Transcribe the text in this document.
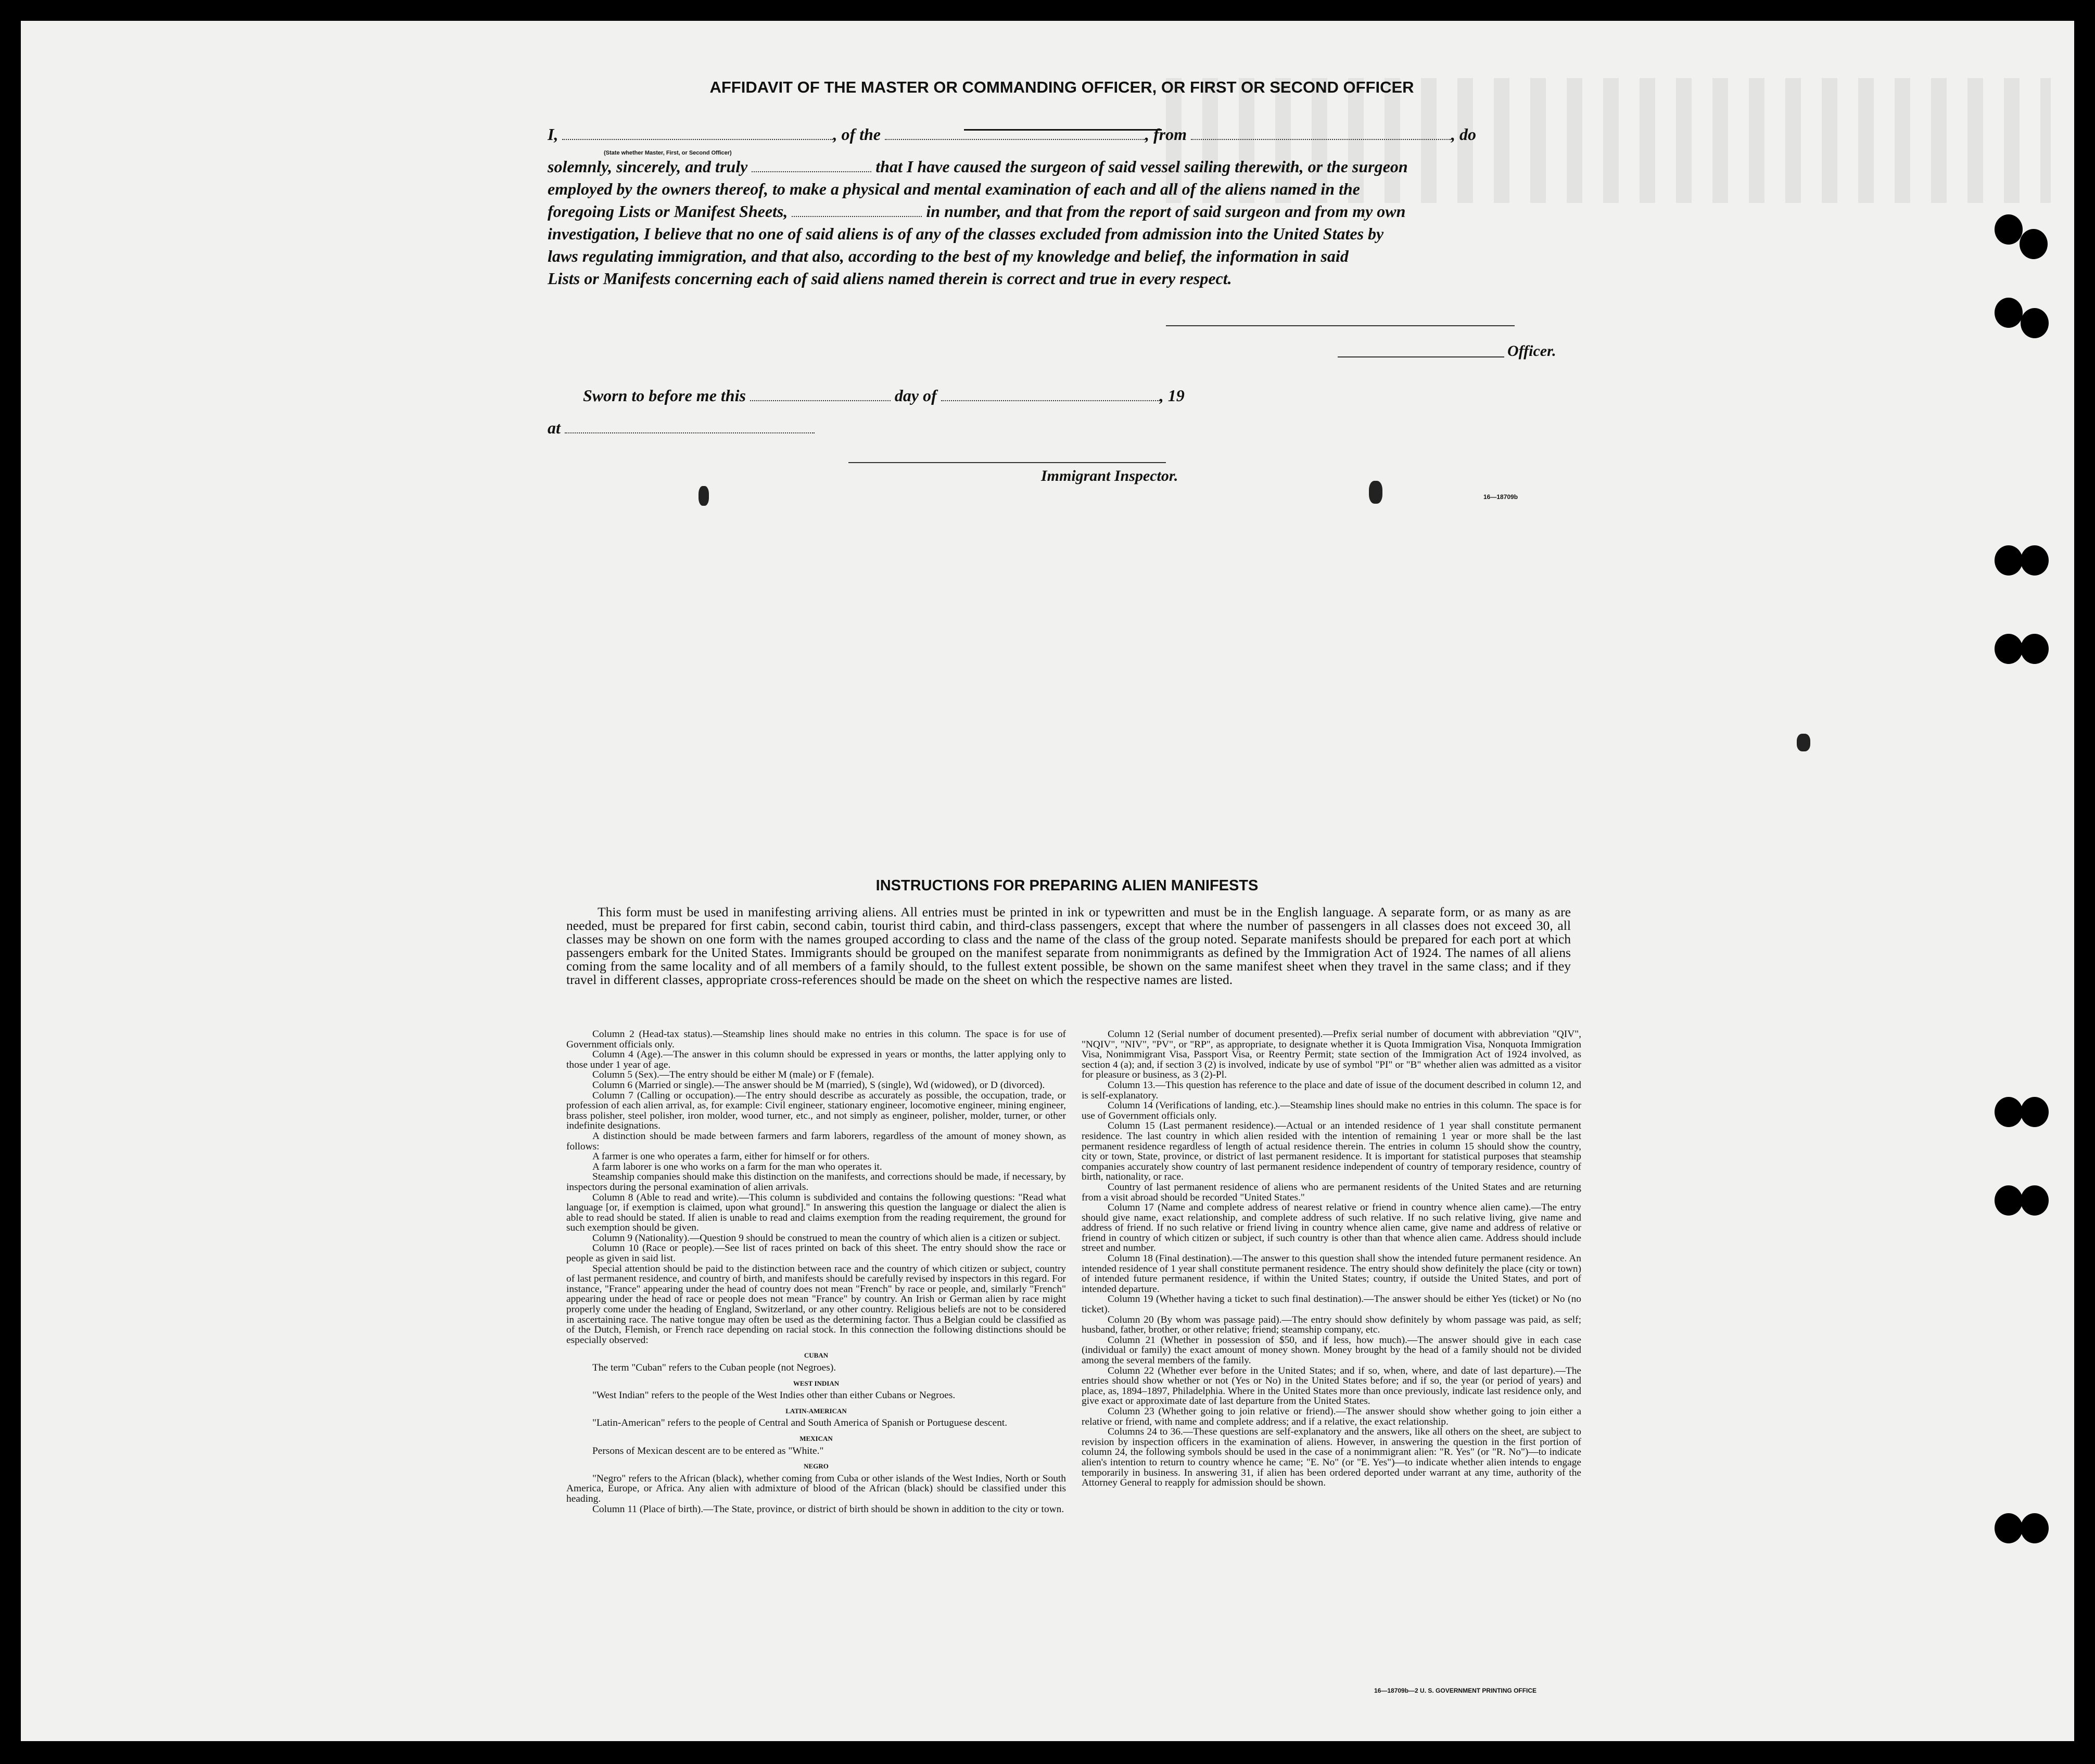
AFFIDAVIT OF THE MASTER OR COMMANDING OFFICER, OR FIRST OR SECOND OFFICER
I,	, of the	, from	, do
(State whether Master, First, or Second Officer)
solemnly, sincerely, and truly	that I have caused the surgeon of said vessel sailing therewith, or the surgeon
employed by the owners thereof, to make a physical and mental examination of each and all of the aliens named in the
foregoing Lists or Manifest Sheets,	in number, and that from the report of said surgeon and from my own
investigation, I believe that no one of said aliens is of any of the classes excluded from admission into the United States by
laws regulating immigration, and that also, according to the best of my knowledge and belief, the information in said
Lists or Manifests concerning each of said aliens named therein is correct and true in every respect.
Officer.
Sworn to before me this	day of	, 19
at
Immigrant Inspector.
16—18709b
INSTRUCTIONS FOR PREPARING ALIEN MANIFESTS
This form must be used in manifesting arriving aliens. All entries must be printed in ink or typewritten and must be in the English language. A separate form, or as many as are needed, must be prepared for first cabin, second cabin, tourist third cabin, and third-class passengers, except that where the number of passengers in all classes does not exceed 30, all classes may be shown on one form with the names grouped according to class and the name of the class of the group noted. Separate manifests should be prepared for each port at which passengers embark for the United States. Immigrants should be grouped on the manifest separate from nonimmigrants as defined by the Immigration Act of 1924. The names of all aliens coming from the same locality and of all members of a family should, to the fullest extent possible, be shown on the same manifest sheet when they travel in the same class; and if they travel in different classes, appropriate cross-references should be made on the sheet on which the respective names are listed.

Column 2 (Head-tax status).—Steamship lines should make no entries in this column. The space is for use of Government officials only.

Column 4 (Age).—The answer in this column should be expressed in years or months, the latter applying only to those under 1 year of age.

Column 5 (Sex).—The entry should be either M (male) or F (female).

Column 6 (Married or single).—The answer should be M (married), S (single), Wd (widowed), or D (divorced).

Column 7 (Calling or occupation).—The entry should describe as accurately as possible, the occupation, trade, or profession of each alien arrival, as, for example: Civil engineer, stationary engineer, locomotive engineer, mining engineer, brass polisher, steel polisher, iron molder, wood turner, etc., and not simply as engineer, polisher, molder, turner, or other indefinite designations.

A distinction should be made between farmers and farm laborers, regardless of the amount of money shown, as follows:

A farmer is one who operates a farm, either for himself or for others.

A farm laborer is one who works on a farm for the man who operates it.

Steamship companies should make this distinction on the manifests, and corrections should be made, if necessary, by inspectors during the personal examination of alien arrivals.

Column 8 (Able to read and write).—This column is subdivided and contains the following questions: "Read what language [or, if exemption is claimed, upon what ground]." In answering this question the language or dialect the alien is able to read should be stated. If alien is unable to read and claims exemption from the reading requirement, the ground for such exemption should be given.

Column 9 (Nationality).—Question 9 should be construed to mean the country of which alien is a citizen or subject.

Column 10 (Race or people).—See list of races printed on back of this sheet. The entry should show the race or people as given in said list.

Special attention should be paid to the distinction between race and the country of which citizen or subject, country of last permanent residence, and country of birth, and manifests should be carefully revised by inspectors in this regard. For instance, "France" appearing under the head of country does not mean "French" by race or people, and, similarly "French" appearing under the head of race or people does not mean "France" by country. An Irish or German alien by race might properly come under the heading of England, Switzerland, or any other country. Religious beliefs are not to be considered in ascertaining race. The native tongue may often be used as the determining factor. Thus a Belgian could be classified as of the Dutch, Flemish, or French race depending on racial stock. In this connection the following distinctions should be especially observed:

CUBAN

The term "Cuban" refers to the Cuban people (not Negroes).

WEST INDIAN

"West Indian" refers to the people of the West Indies other than either Cubans or Negroes.

LATIN-AMERICAN

"Latin-American" refers to the people of Central and South America of Spanish or Portuguese descent.

MEXICAN

Persons of Mexican descent are to be entered as "White."

NEGRO

"Negro" refers to the African (black), whether coming from Cuba or other islands of the West Indies, North or South America, Europe, or Africa. Any alien with admixture of blood of the African (black) should be classified under this heading.

Column 11 (Place of birth).—The State, province, or district of birth should be shown in addition to the city or town.

Column 12 (Serial number of document presented).—Prefix serial number of document with abbreviation "QIV", "NQIV", "NIV", "PV", or "RP", as appropriate, to designate whether it is Quota Immigration Visa, Nonquota Immigration Visa, Nonimmigrant Visa, Passport Visa, or Reentry Permit; state section of the Immigration Act of 1924 involved, as section 4 (a); and, if section 3 (2) is involved, indicate by use of symbol "PI" or "B" whether alien was admitted as a visitor for pleasure or business, as 3 (2)-Pl.

Column 13.—This question has reference to the place and date of issue of the document described in column 12, and is self-explanatory.

Column 14 (Verifications of landing, etc.).—Steamship lines should make no entries in this column. The space is for use of Government officials only.

Column 15 (Last permanent residence).—Actual or an intended residence of 1 year shall constitute permanent residence. The last country in which alien resided with the intention of remaining 1 year or more shall be the last permanent residence regardless of length of actual residence therein. The entries in column 15 should show the country, city or town, State, province, or district of last permanent residence. It is important for statistical purposes that steamship companies accurately show country of last permanent residence independent of country of temporary residence, country of birth, nationality, or race.

Country of last permanent residence of aliens who are permanent residents of the United States and are returning from a visit abroad should be recorded "United States."

Column 17 (Name and complete address of nearest relative or friend in country whence alien came).—The entry should give name, exact relationship, and complete address of such relative. If no such relative living, give name and address of friend. If no such relative or friend living in country whence alien came, give name and address of relative or friend in country of which citizen or subject, if such country is other than that whence alien came. Address should include street and number.

Column 18 (Final destination).—The answer to this question shall show the intended future permanent residence. An intended residence of 1 year shall constitute permanent residence. The entry should show definitely the place (city or town) of intended future permanent residence, if within the United States; country, if outside the United States, and port of intended departure.

Column 19 (Whether having a ticket to such final destination).—The answer should be either Yes (ticket) or No (no ticket).

Column 20 (By whom was passage paid).—The entry should show definitely by whom passage was paid, as self; husband, father, brother, or other relative; friend; steamship company, etc.

Column 21 (Whether in possession of $50, and if less, how much).—The answer should give in each case (individual or family) the exact amount of money shown. Money brought by the head of a family should not be divided among the several members of the family.

Column 22 (Whether ever before in the United States; and if so, when, where, and date of last departure).—The entries should show whether or not (Yes or No) in the United States before; and if so, the year (or period of years) and place, as, 1894–1897, Philadelphia. Where in the United States more than once previously, indicate last residence only, and give exact or approximate date of last departure from the United States.

Column 23 (Whether going to join relative or friend).—The answer should show whether going to join either a relative or friend, with name and complete address; and if a relative, the exact relationship.

Columns 24 to 36.—These questions are self-explanatory and the answers, like all others on the sheet, are subject to revision by inspection officers in the examination of aliens. However, in answering the question in the first portion of column 24, the following symbols should be used in the case of a nonimmigrant alien: "R. Yes" (or "R. No")—to indicate alien's intention to return to country whence he came; "E. No" (or "E. Yes")—to indicate whether alien intends to engage temporarily in business. In answering 31, if alien has been ordered deported under warrant at any time, authority of the Attorney General to reapply for admission should be shown.

16—18709b—2 U. S. GOVERNMENT PRINTING OFFICE
